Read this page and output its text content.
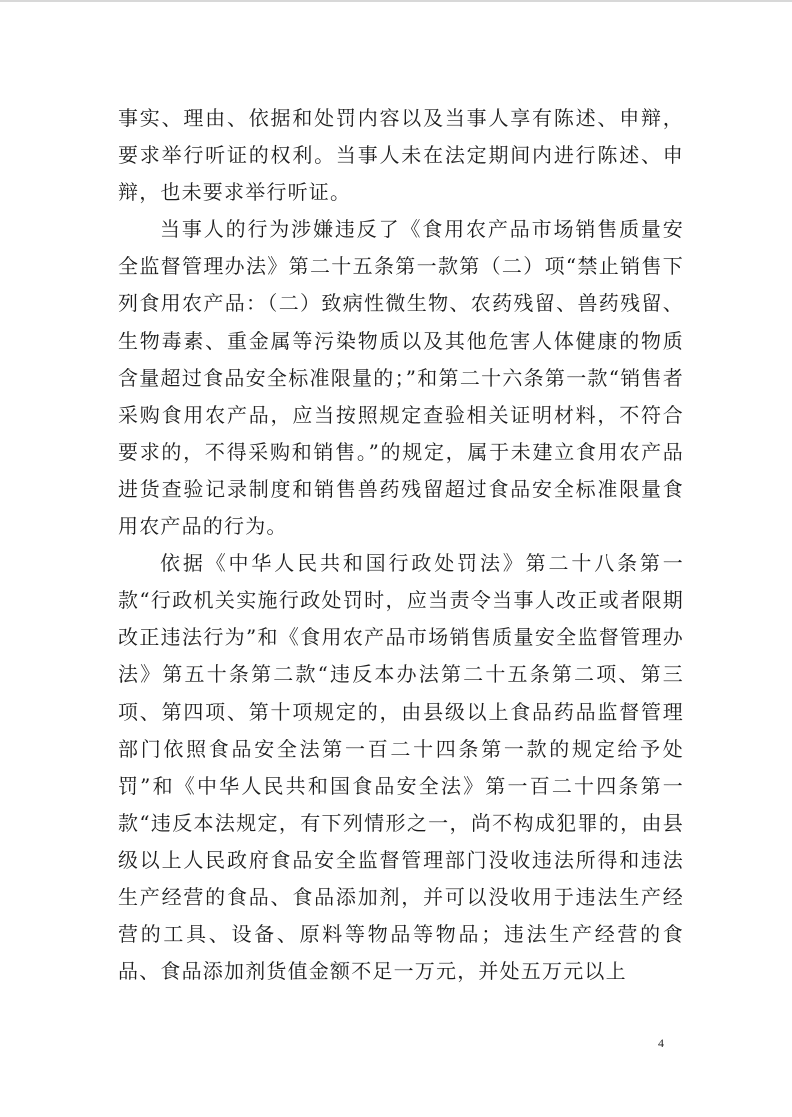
事实、理由、依据和处罚内容以及当事人享有陈述、申辩，要求举行听证的权利。当事人未在法定期间内进行陈述、申辩，也未要求举行听证。

当事人的行为涉嫌违反了《食用农产品市场销售质量安全监督管理办法》第二十五条第一款第（二）项“禁止销售下列食用农产品：（二）致病性微生物、农药残留、兽药残留、生物毒素、重金属等污染物质以及其他危害人体健康的物质含量超过食品安全标准限量的；”和第二十六条第一款“销售者采购食用农产品，应当按照规定查验相关证明材料，不符合要求的，不得采购和销售。”的规定，属于未建立食用农产品进货查验记录制度和销售兽药残留超过食品安全标准限量食用农产品的行为。

依据《中华人民共和国行政处罚法》第二十八条第一款“行政机关实施行政处罚时，应当责令当事人改正或者限期改正违法行为”和《食用农产品市场销售质量安全监督管理办法》第五十条第二款“违反本办法第二十五条第二项、第三项、第四项、第十项规定的，由县级以上食品药品监督管理部门依照食品安全法第一百二十四条第一款的规定给予处罚”和《中华人民共和国食品安全法》第一百二十四条第一款“违反本法规定，有下列情形之一，尚不构成犯罪的，由县级以上人民政府食品安全监督管理部门没收违法所得和违法生产经营的食品、食品添加剂，并可以没收用于违法生产经营的工具、设备、原料等物品等物品；违法生产经营的食品、食品添加剂货值金额不足一万元，并处五万元以上

4
